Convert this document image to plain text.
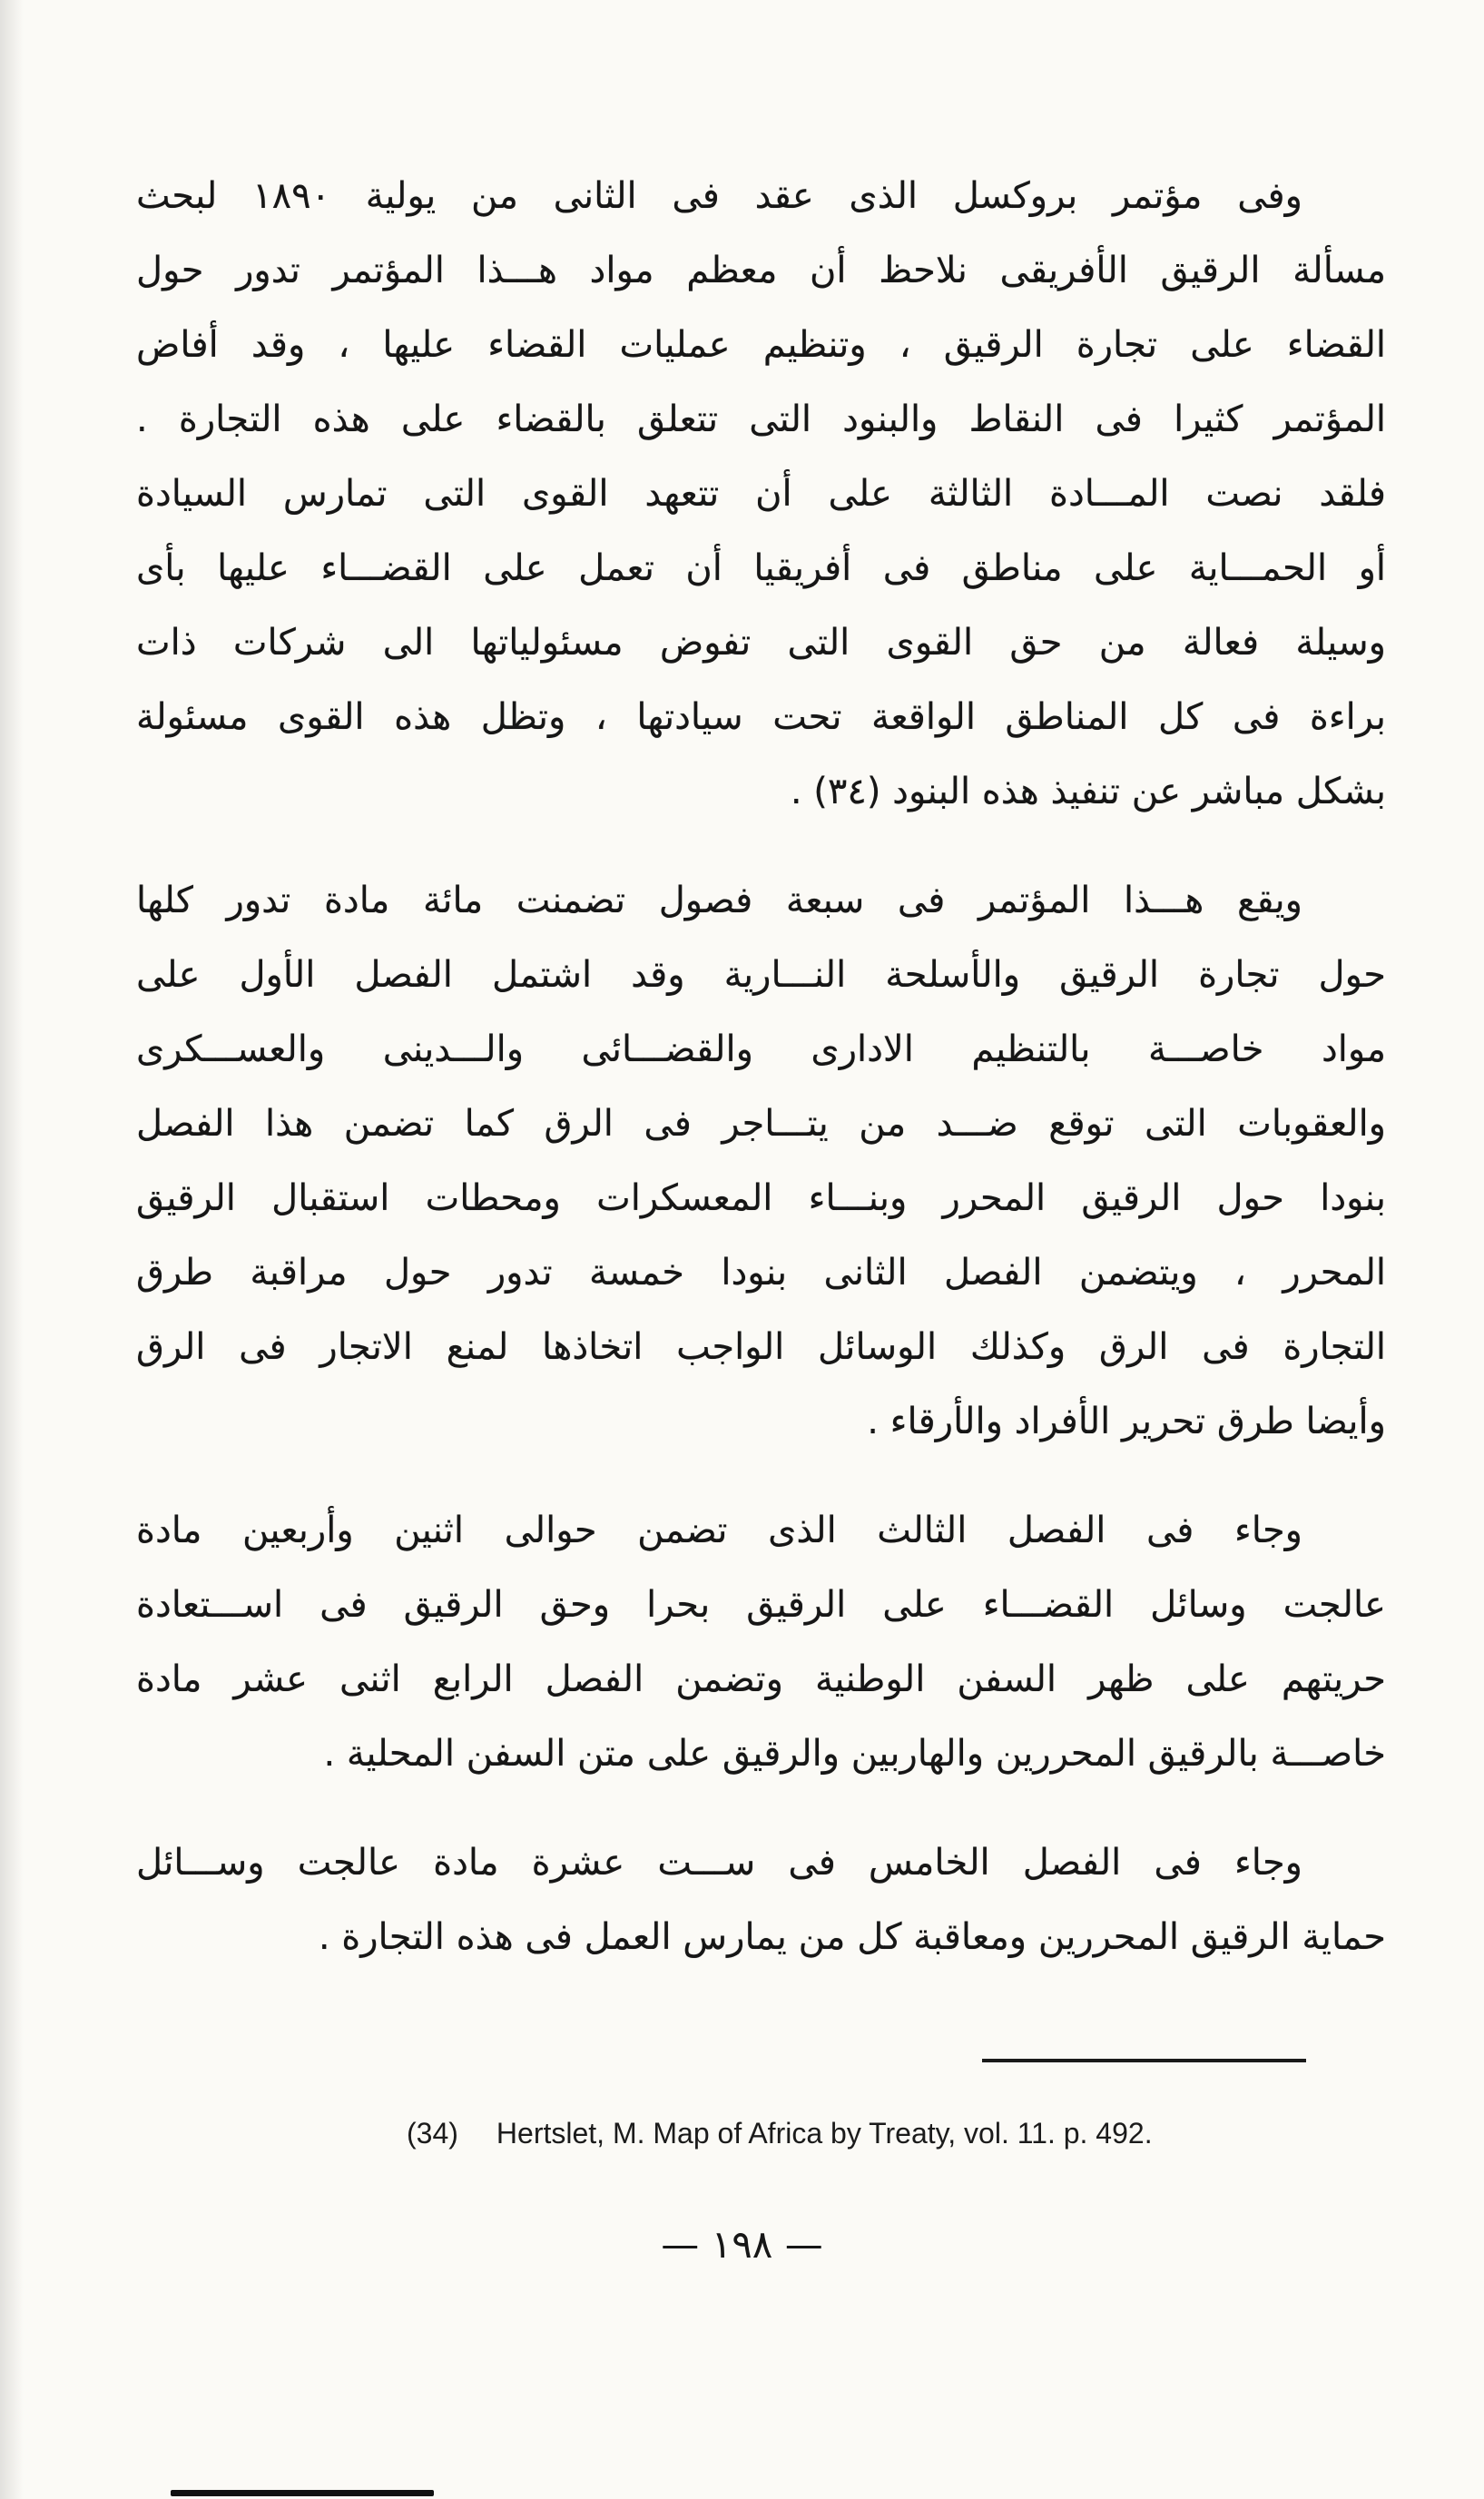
وفى مؤتمر بروكسل الذى عقد فى الثانى من يولية ١٨٩٠ لبحث
مسألة الرقيق الأفريقى نلاحظ أن معظم مواد هـــذا المؤتمر تدور حول
القضاء على تجارة الرقيق ، وتنظيم عمليات القضاء عليها ، وقد أفاض
المؤتمر كثيرا فى النقاط والبنود التى تتعلق بالقضاء على هذه التجارة .
فلقد نصت المـــادة الثالثة على أن تتعهد القوى التى تمارس السيادة
أو الحمـــاية على مناطق فى أفريقيا أن تعمل على القضـــاء عليها بأى
وسيلة فعالة من حق القوى التى تفوض مسئولياتها الى شركات ذات
براءة فى كل المناطق الواقعة تحت سيادتها ، وتظل هذه القوى مسئولة
بشكل مباشر عن تنفيذ هذه البنود (٣٤) .

ويقع هـــذا المؤتمر فى سبعة فصول تضمنت مائة مادة تدور كلها
حول تجارة الرقيق والأسلحة النـــارية وقد اشتمل الفصل الأول على
مواد خاصـــة بالتنظيم الادارى والقضـــائى والـــدينى والعســـكرى
والعقوبات التى توقع ضـــد من يتـــاجر فى الرق كما تضمن هذا الفصل
بنودا حول الرقيق المحرر وبنـــاء المعسكرات ومحطات استقبال الرقيق
المحرر ، ويتضمن الفصل الثانى بنودا خمسة تدور حول مراقبة طرق
التجارة فى الرق وكذلك الوسائل الواجب اتخاذها لمنع الاتجار فى الرق
وأيضا طرق تحرير الأفراد والأرقاء .

وجاء فى الفصل الثالث الذى تضمن حوالى اثنين وأربعين مادة
عالجت وسائل القضـــاء على الرقيق بحرا وحق الرقيق فى اســـتعادة
حريتهم على ظهر السفن الوطنية وتضمن الفصل الرابع اثنى عشر مادة
خاصـــة بالرقيق المحررين والهاربين والرقيق على متن السفن المحلية .

وجاء فى الفصل الخامس فى ســـت عشرة مادة عالجت وســـائل
حماية الرقيق المحررين ومعاقبة كل من يمارس العمل فى هذه التجارة .

(34) Hertslet, M. Map of Africa by Treaty, vol. 11. p. 492.
— ١٩٨ —
